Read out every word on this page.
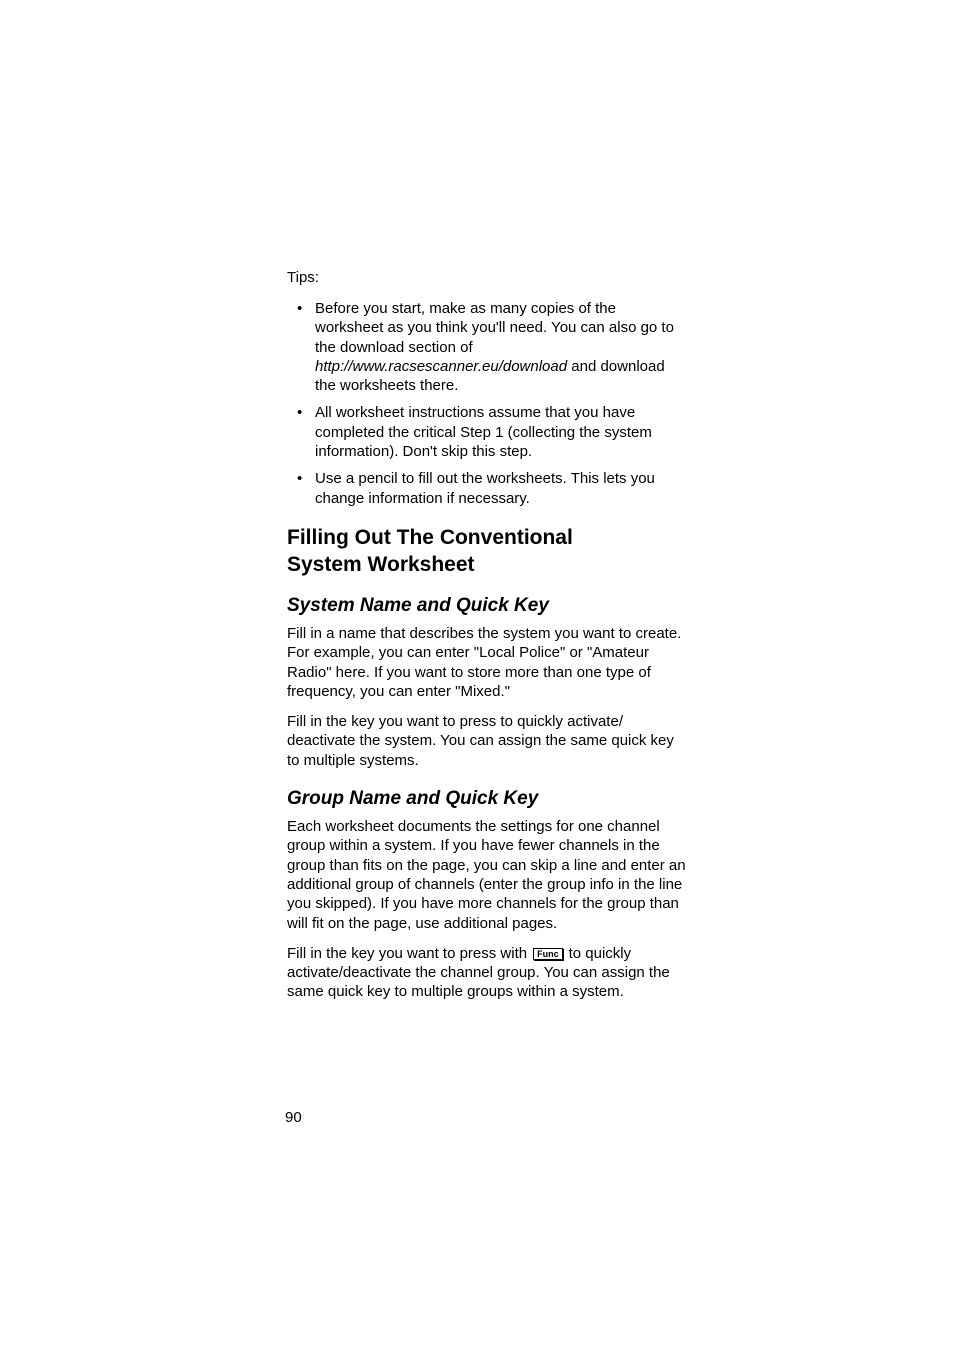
Tips:
• Before you start, make as many copies of the worksheet as you think you'll need. You can also go to the download section of http://www.racsescanner.eu/download and download the worksheets there.
• All worksheet instructions assume that you have completed the critical Step 1 (collecting the system information). Don't skip this step.
• Use a pencil to fill out the worksheets. This lets you change information if necessary.
Filling Out The Conventional
System Worksheet
System Name and Quick Key

Fill in a name that describes the system you want to create. For example, you can enter "Local Police" or "Amateur Radio" here. If you want to store more than one type of frequency, you can enter "Mixed."

Fill in the key you want to press to quickly activate/ deactivate the system. You can assign the same quick key to multiple systems.

Group Name and Quick Key

Each worksheet documents the settings for one channel group within a system. If you have fewer channels in the group than fits on the page, you can skip a line and enter an additional group of channels (enter the group info in the line you skipped). If you have more channels for the group than will fit on the page, use additional pages.

Fill in the key you want to press with Func to quickly activate/deactivate the channel group. You can assign the same quick key to multiple groups within a system.

90
